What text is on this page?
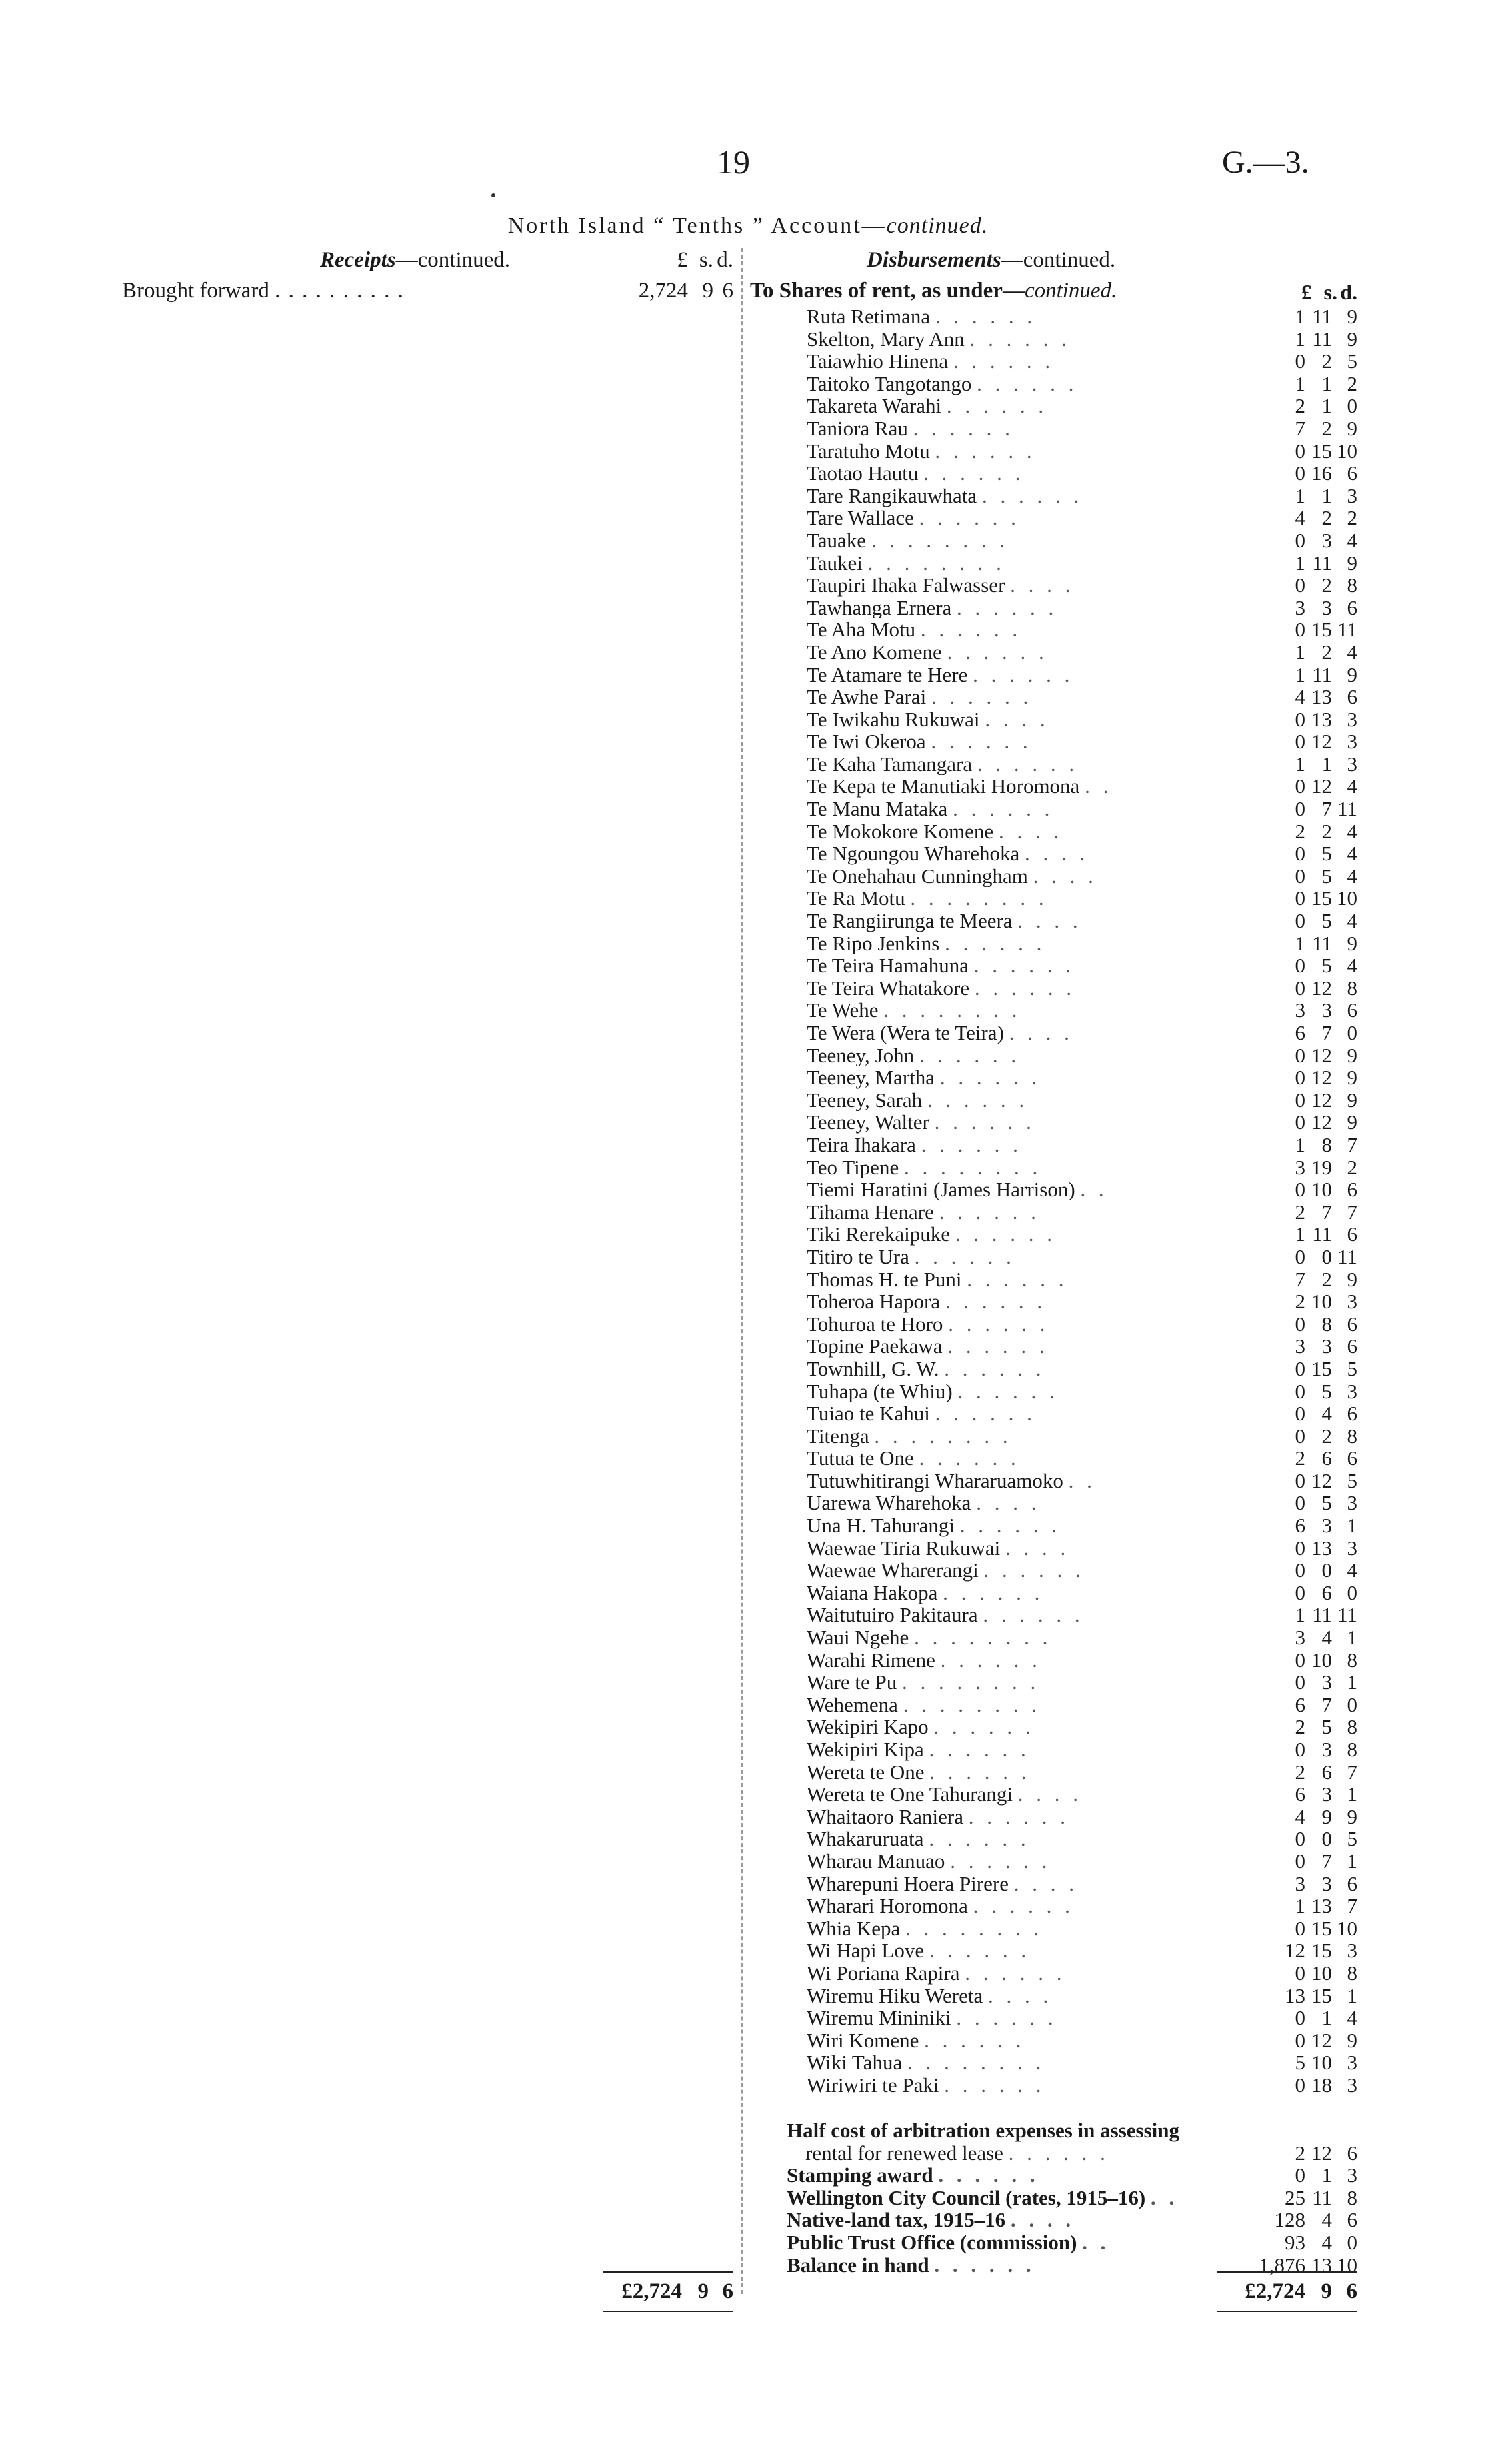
19	G.—3.
North Island “ Tenths ” Account—continued.
Receipts—continued.	£ s. d.
Brought forward . . . . . . . . . .	2,724 9 6
Disbursements—continued.
To Shares of rent, as under—continued.	£ s. d.
Ruta Retimana . . . . . .	1 11 9
Skelton, Mary Ann . . . . . .	1 11 9
Taiawhio Hinena . . . . . .	0 2 5
Taitoko Tangotango . . . . . .	1 1 2
Takareta Warahi . . . . . .	2 1 0
Taniora Rau . . . . . .	7 2 9
Taratuho Motu . . . . . .	0 15 10
Taotao Hautu . . . . . .	0 16 6
Tare Rangikauwhata . . . . . .	1 1 3
Tare Wallace . . . . . .	4 2 2
Tauake . . . . . . . .	0 3 4
Taukei . . . . . . . .	1 11 9
Taupiri Ihaka Falwasser . . . .	0 2 8
Tawhanga Ernera . . . . . .	3 3 6
Te Aha Motu . . . . . .	0 15 11
Te Ano Komene . . . . . .	1 2 4
Te Atamare te Here . . . . . .	1 11 9
Te Awhe Parai . . . . . .	4 13 6
Te Iwikahu Rukuwai . . . .	0 13 3
Te Iwi Okeroa . . . . . .	0 12 3
Te Kaha Tamangara . . . . . .	1 1 3
Te Kepa te Manutiaki Horomona . .	0 12 4
Te Manu Mataka . . . . . .	0 7 11
Te Mokokore Komene . . . .	2 2 4
Te Ngoungou Wharehoka . . . .	0 5 4
Te Onehahau Cunningham . . . .	0 5 4
Te Ra Motu . . . . . . . .	0 15 10
Te Rangiirunga te Meera . . . .	0 5 4
Te Ripo Jenkins . . . . . .	1 11 9
Te Teira Hamahuna . . . . . .	0 5 4
Te Teira Whatakore . . . . . .	0 12 8
Te Wehe . . . . . . . .	3 3 6
Te Wera (Wera te Teira) . . . .	6 7 0
Teeney, John . . . . . .	0 12 9
Teeney, Martha . . . . . .	0 12 9
Teeney, Sarah . . . . . .	0 12 9
Teeney, Walter . . . . . .	0 12 9
Teira Ihakara . . . . . .	1 8 7
Teo Tipene . . . . . . . .	3 19 2
Tiemi Haratini (James Harrison) . .	0 10 6
Tihama Henare . . . . . .	2 7 7
Tiki Rerekaipuke . . . . . .	1 11 6
Titiro te Ura . . . . . .	0 0 11
Thomas H. te Puni . . . . . .	7 2 9
Toheroa Hapora . . . . . .	2 10 3
Tohuroa te Horo . . . . . .	0 8 6
Topine Paekawa . . . . . .	3 3 6
Townhill, G. W. . . . . . .	0 15 5
Tuhapa (te Whiu) . . . . . .	0 5 3
Tuiao te Kahui . . . . . .	0 4 6
Titenga . . . . . . . .	0 2 8
Tutua te One . . . . . .	2 6 6
Tutuwhitirangi Whararuamoko . .	0 12 5
Uarewa Wharehoka . . . .	0 5 3
Una H. Tahurangi . . . . . .	6 3 1
Waewae Tiria Rukuwai . . . .	0 13 3
Waewae Wharerangi . . . . . .	0 0 4
Waiana Hakopa . . . . . .	0 6 0
Waitutuiro Pakitaura . . . . . .	1 11 11
Waui Ngehe . . . . . . . .	3 4 1
Warahi Rimene . . . . . .	0 10 8
Ware te Pu . . . . . . . .	0 3 1
Wehemena . . . . . . . .	6 7 0
Wekipiri Kapo . . . . . .	2 5 8
Wekipiri Kipa . . . . . .	0 3 8
Wereta te One . . . . . .	2 6 7
Wereta te One Tahurangi . . . .	6 3 1
Whaitaoro Raniera . . . . . .	4 9 9
Whakaruruata . . . . . .	0 0 5
Wharau Manuao . . . . . .	0 7 1
Wharepuni Hoera Pirere . . . .	3 3 6
Wharari Horomona . . . . . .	1 13 7
Whia Kepa . . . . . . . .	0 15 10
Wi Hapi Love . . . . . .	12 15 3
Wi Poriana Rapira . . . . . .	0 10 8
Wiremu Hiku Wereta . . . .	13 15 1
Wiremu Mininiki . . . . . .	0 1 4
Wiri Komene . . . . . .	0 12 9
Wiki Tahua . . . . . . . .	5 10 3
Wiriwiri te Paki . . . . . .	0 18 3
Half cost of arbitration expenses in assessing
rental for renewed lease . . . . . .	2 12 6
Stamping award . . . . . .	0 1 3
Wellington City Council (rates, 1915–16) . .	25 11 8
Native-land tax, 1915–16 . . . .	128 4 6
Public Trust Office (commission) . .	93 4 0
Balance in hand . . . . . .	1,876 13 10
£2,724 9 6	£2,724 9 6
